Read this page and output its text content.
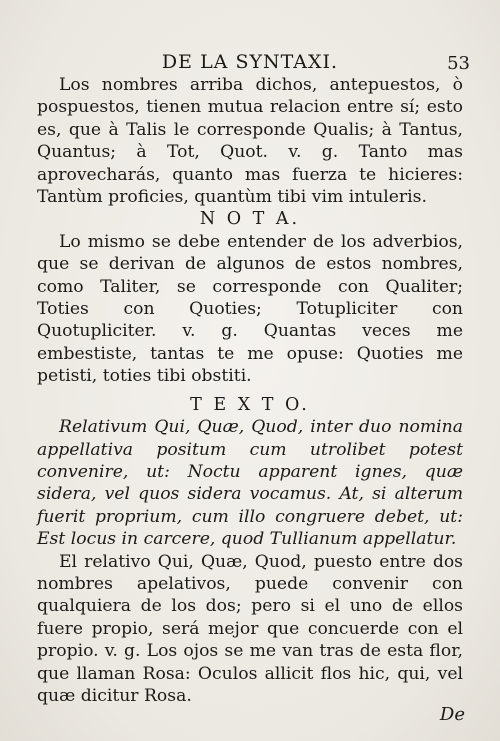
DE LA SYNTAXI.	53

Los nombres arriba dichos, antepuestos, ò pospuestos, tienen mutua relacion entre sí; esto es, que à Talis le corresponde Qualis; à Tantus, Quantus; à Tot, Quot. v. g. Tanto mas aprovecharás, quanto mas fuerza te hicieres: Tantùm proficies, quantùm tibi vim intuleris.

N O T A.

Lo mismo se debe entender de los adverbios, que se derivan de algunos de estos nombres, como Taliter, se corresponde con Qualiter; Toties con Quoties; Totupliciter con Quotupliciter. v. g. Quantas veces me embestiste, tantas te me opuse: Quoties me petisti, toties tibi obstiti.

T E X T O.

Relativum Qui, Quæ, Quod, inter duo nomina appellativa positum cum utrolibet potest convenire, ut: Noctu apparent ignes, quæ sidera, vel quos sidera vocamus. At, si alterum fuerit proprium, cum illo congruere debet, ut: Est locus in carcere, quod Tullianum appellatur.

El relativo Qui, Quæ, Quod, puesto entre dos nombres apelativos, puede convenir con qualquiera de los dos; pero si el uno de ellos fuere propio, será mejor que concuerde con el propio. v. g. Los ojos se me van tras de esta flor, que llaman Rosa: Oculos allicit flos hic, qui, vel quæ dicitur Rosa.

De
